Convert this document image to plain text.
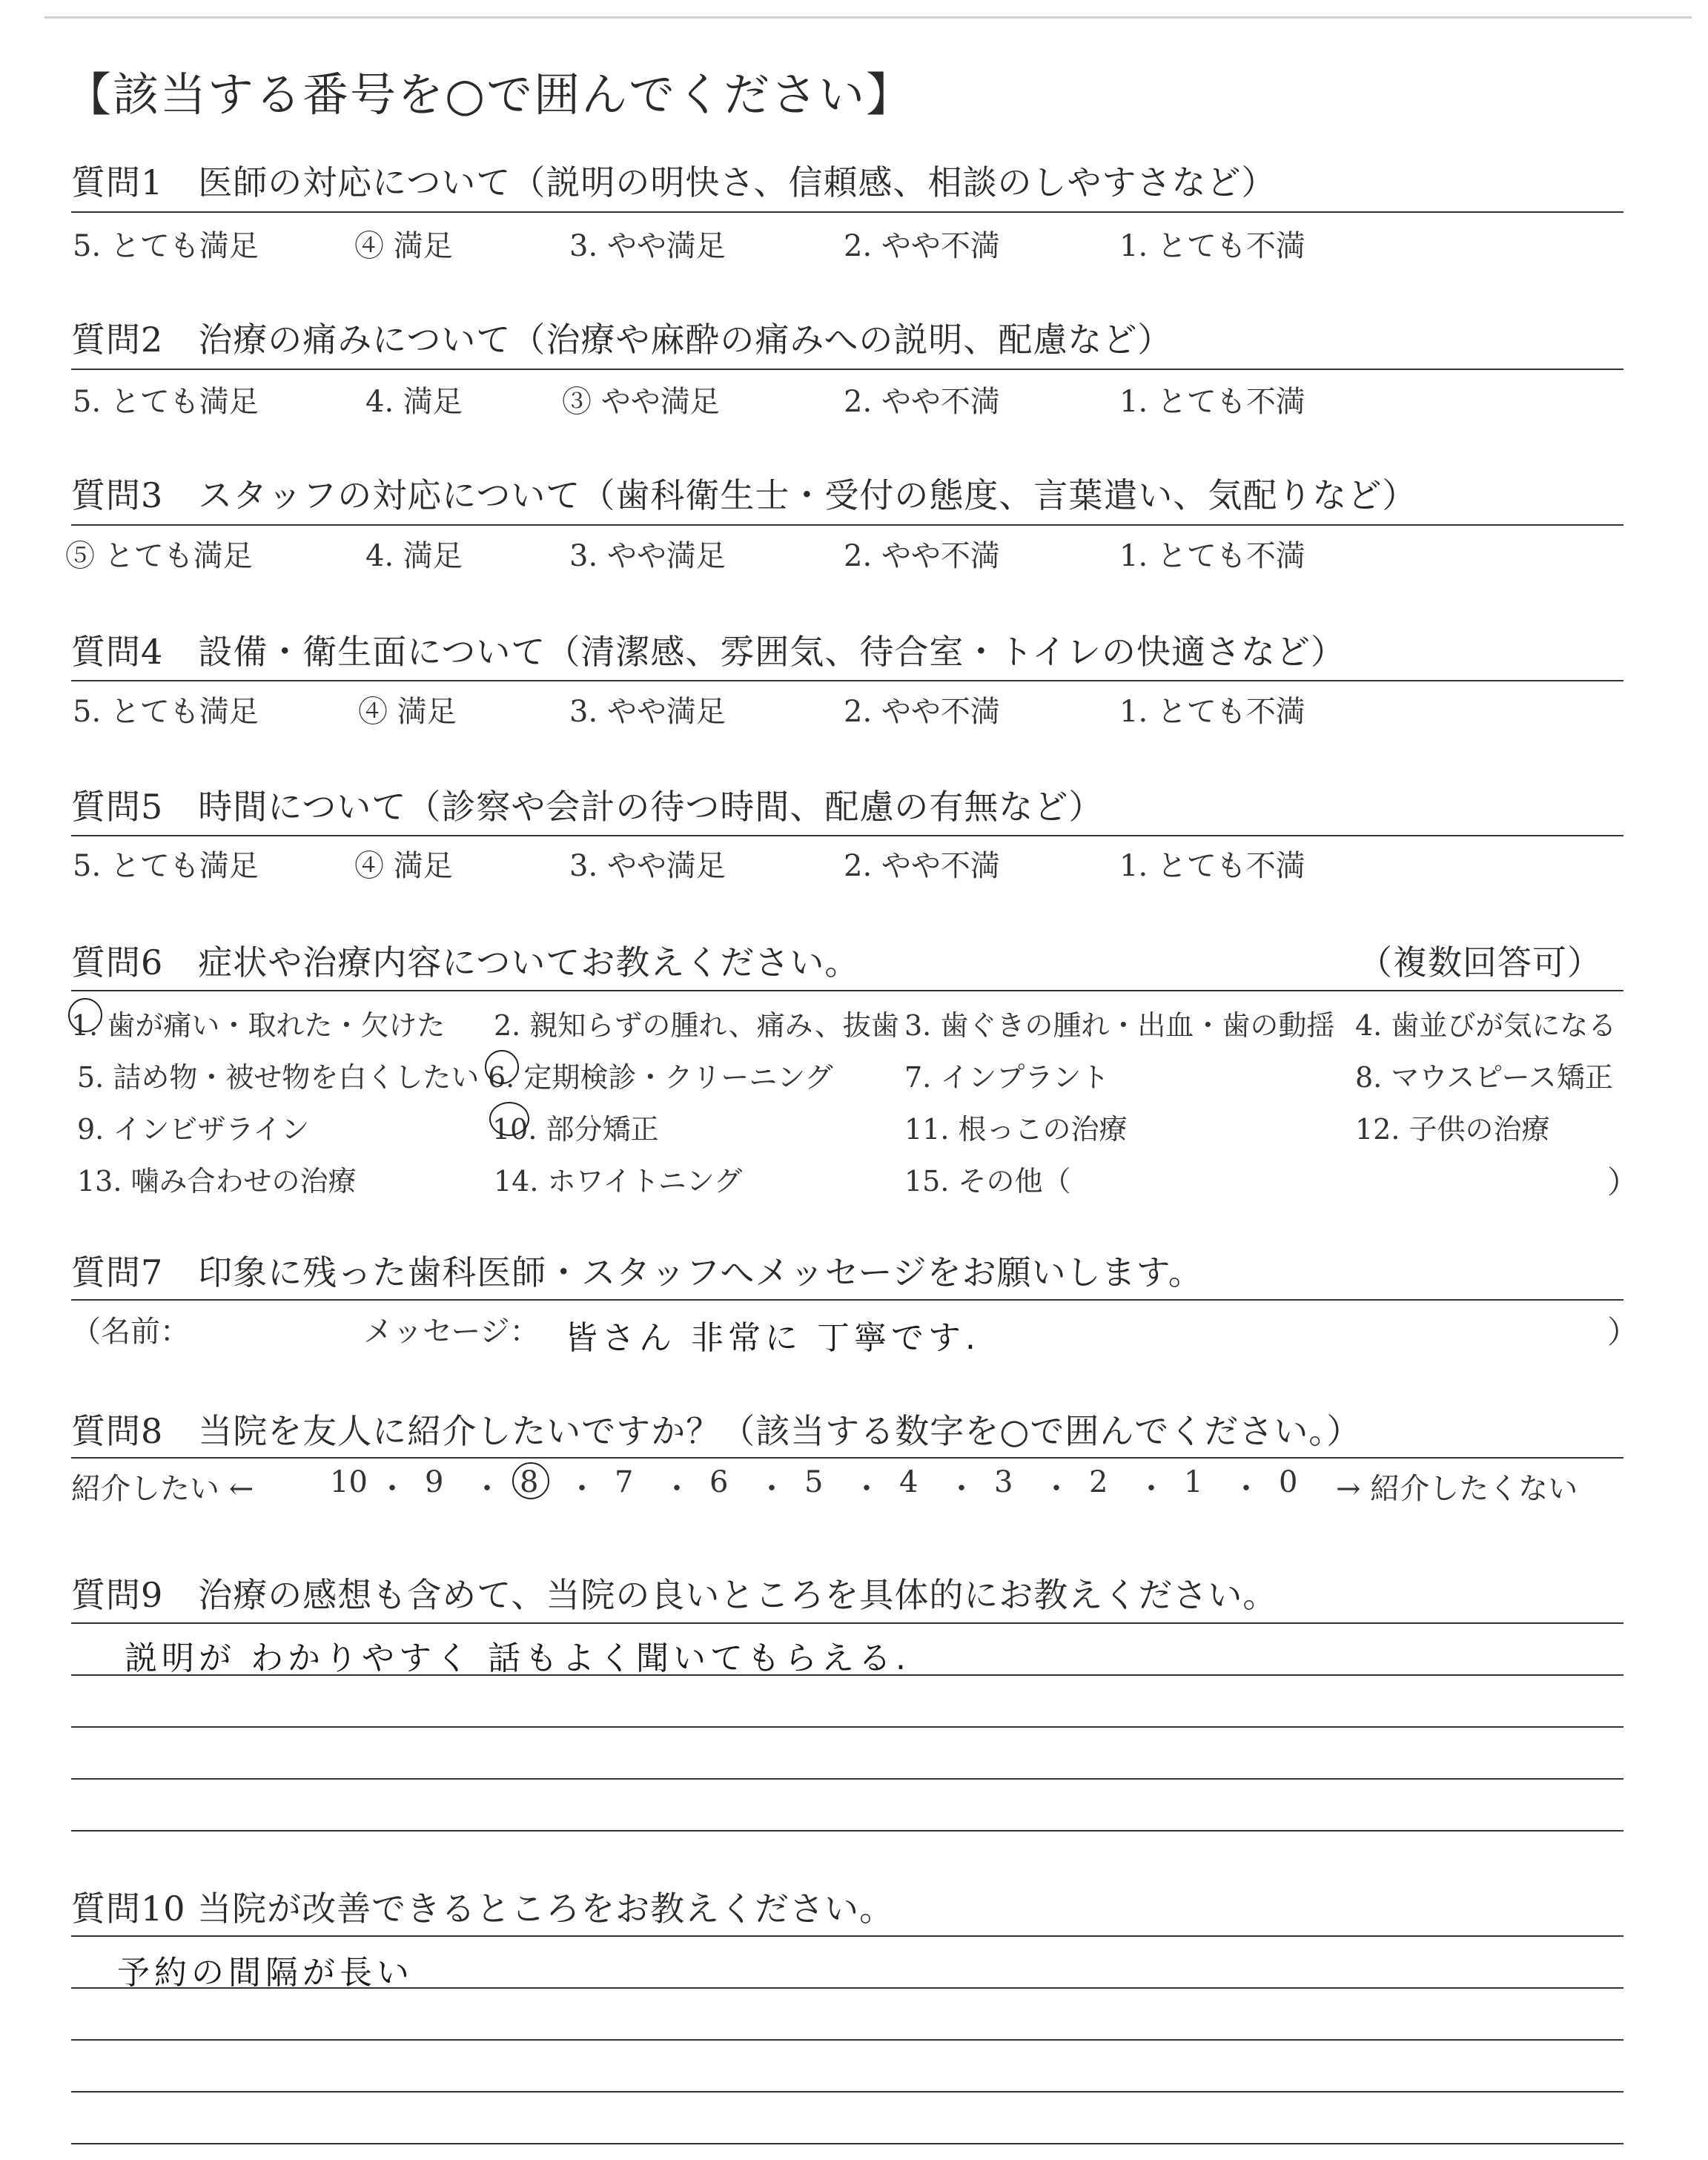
【該当する番号を○で囲んでください】
質問1　医師の対応について（説明の明快さ、信頼感、相談のしやすさなど）
5. とても満足	④ 満足	3. やや満足	2. やや不満	1. とても不満
質問2　治療の痛みについて（治療や麻酔の痛みへの説明、配慮など）
5. とても満足	4. 満足	③ やや満足	2. やや不満	1. とても不満
質問3　スタッフの対応について（歯科衛生士・受付の態度、言葉遣い、気配りなど）
⑤ とても満足	4. 満足	3. やや満足	2. やや不満	1. とても不満
質問4　設備・衛生面について（清潔感、雰囲気、待合室・トイレの快適さなど）
5. とても満足	④ 満足	3. やや満足	2. やや不満	1. とても不満
質問5　時間について（診察や会計の待つ時間、配慮の有無など）
5. とても満足	④ 満足	3. やや満足	2. やや不満	1. とても不満
質問6　症状や治療内容についてお教えください。	（複数回答可）
1. 歯が痛い・取れた・欠けた 2. 親知らずの腫れ、痛み、抜歯 3. 歯ぐきの腫れ・出血・歯の動揺 4. 歯並びが気になる
5. 詰め物・被せ物を白くしたい 6. 定期検診・クリーニング	7. インプラント	8. マウスピース矯正
9. インビザライン	10. 部分矯正	11. 根っこの治療	12. 子供の治療
13. 噛み合わせの治療	14. ホワイトニング	15. その他（	）
質問7　印象に残った歯科医師・スタッフへメッセージをお願いします。
（名前：	メッセージ： 皆さん 非常に 丁寧です.	）
質問8　当院を友人に紹介したいですか？（該当する数字を○で囲んでください。）
紹介したい ←	10 ・ 9 ・ 8 ・ 7 ・ 6 ・ 5 ・ 4 ・ 3 ・ 2 ・ 1 ・ 0 → 紹介したくない
質問9　治療の感想も含めて、当院の良いところを具体的にお教えください。
説明が わかりやすく 話もよく聞いてもらえる.
質問10 当院が改善できるところをお教えください。
予約の間隔が長い
